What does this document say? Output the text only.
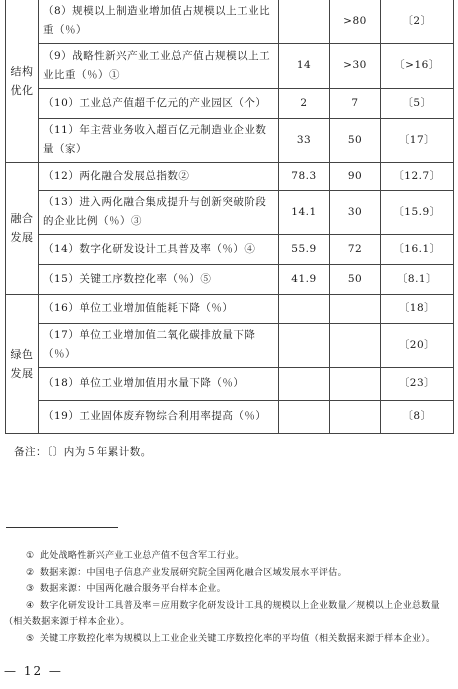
结构
优化	（8）规模以上制造业增加值占规模以上工业比重（％）		>80	〔2〕
	（9）战略性新兴产业工业总产值占规模以上工业比重（％）①	14	>30	〔>16〕
	（10）工业总产值超千亿元的产业园区（个）	2	7	〔5〕
	（11）年主营业务收入超百亿元制造业企业数量（家）	33	50	〔17〕
融合
发展	（12）两化融合发展总指数②	78.3	90	〔12.7〕
	（13）进入两化融合集成提升与创新突破阶段的企业比例（％）③	14.1	30	〔15.9〕
	（14）数字化研发设计工具普及率（％）④	55.9	72	〔16.1〕
	（15）关键工序数控化率（％）⑤	41.9	50	〔8.1〕
绿色
发展	（16）单位工业增加值能耗下降（％）			〔18〕
	（17）单位工业增加值二氧化碳排放量下降（％）			〔20〕
	（18）单位工业增加值用水量下降（％）			〔23〕
	（19）工业固体废弃物综合利用率提高（％）			〔8〕
备注：〔〕内为５年累计数。
① 此处战略性新兴产业工业总产值不包含军工行业。
② 数据来源：中国电子信息产业发展研究院全国两化融合区域发展水平评估。
③ 数据来源：中国两化融合服务平台样本企业。
④ 数字化研发设计工具普及率＝应用数字化研发设计工具的规模以上企业数量／规模以上企业总数量（相关数据来源于样本企业）。
⑤ 关键工序数控化率为规模以上工业企业关键工序数控化率的平均值（相关数据来源于样本企业）。
— 12 —
